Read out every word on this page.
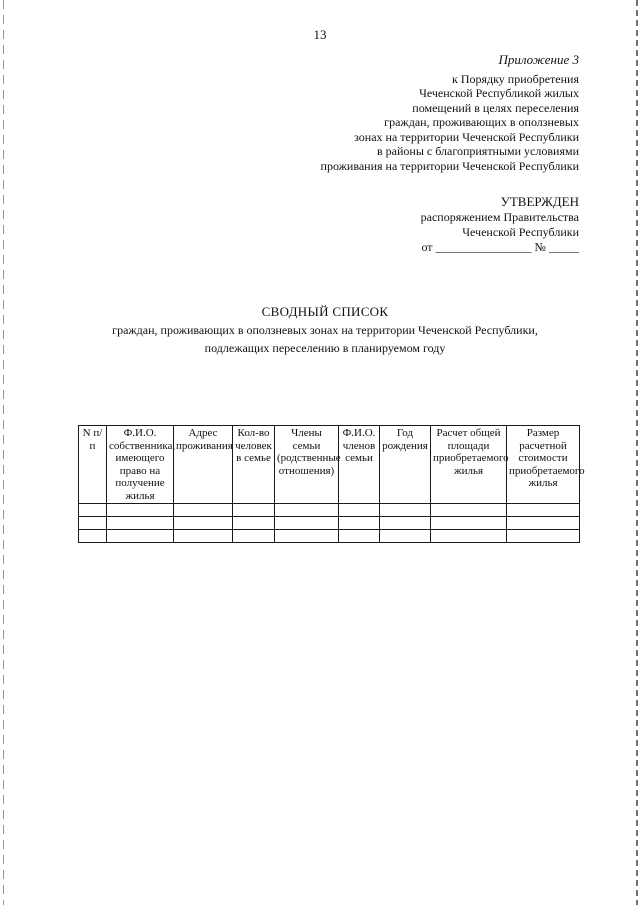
13
Приложение 3
к Порядку приобретения
Чеченской Республикой жилых
помещений в целях переселения
граждан, проживающих в оползневых
зонах на территории Чеченской Республики
в районы с благоприятными условиями
проживания на территории Чеченской Республики
УТВЕРЖДЕН
распоряжением Правительства
Чеченской Республики
от ________________ № _____
СВОДНЫЙ СПИСОК
граждан, проживающих в оползневых зонах на территории Чеченской Республики,
подлежащих переселению в планируемом году
N п/п	Ф.И.О. собственника, имеющего право на получение жилья	Адрес проживания	Кол-во человек в семье	Члены семьи (родственные отношения)	Ф.И.О. членов семьи	Год рождения	Расчет общей площади приобретаемого жилья	Размер расчетной стоимости приобретаемого жилья
